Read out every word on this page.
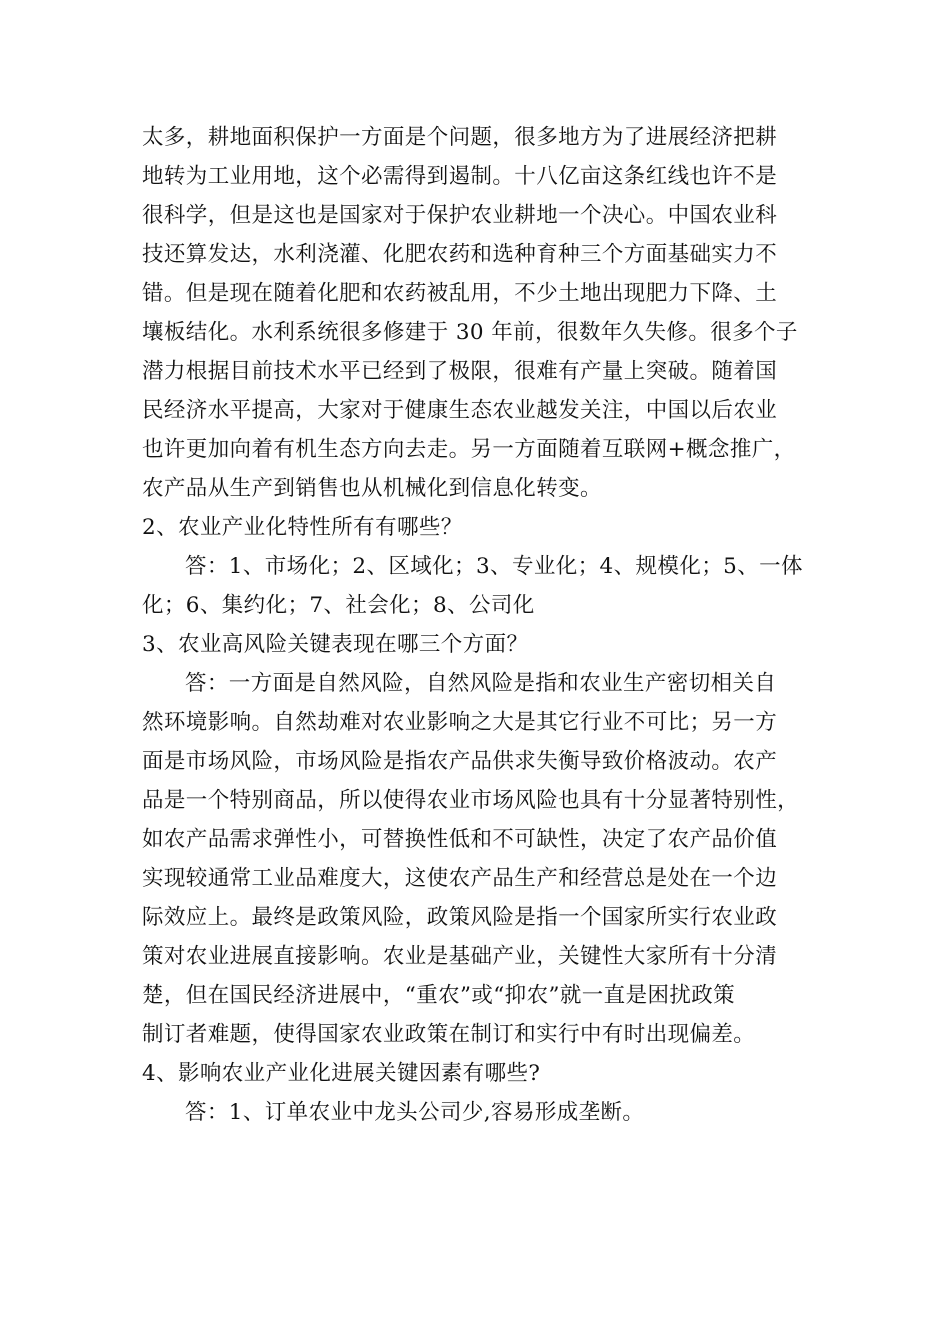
太多，耕地面积保护一方面是个问题，很多地方为了进展经济把耕
地转为工业用地，这个必需得到遏制。十八亿亩这条红线也许不是
很科学，但是这也是国家对于保护农业耕地一个决心。中国农业科
技还算发达，水利浇灌、化肥农药和选种育种三个方面基础实力不
错。但是现在随着化肥和农药被乱用，不少土地出现肥力下降、土
壤板结化。水利系统很多修建于 30 年前，很数年久失修。很多个子
潜力根据目前技术水平已经到了极限，很难有产量上突破。随着国
民经济水平提高，大家对于健康生态农业越发关注，中国以后农业
也许更加向着有机生态方向去走。另一方面随着互联网+概念推广，
农产品从生产到销售也从机械化到信息化转变。
2、农业产业化特性所有有哪些？
答：1、市场化；2、区域化；3、专业化；4、规模化；5、一体
化；6、集约化；7、社会化；8、公司化
3、农业高风险关键表现在哪三个方面？
答：一方面是自然风险，自然风险是指和农业生产密切相关自
然环境影响。自然劫难对农业影响之大是其它行业不可比；另一方
面是市场风险，市场风险是指农产品供求失衡导致价格波动。农产
品是一个特别商品，所以使得农业市场风险也具有十分显著特别性，
如农产品需求弹性小，可替换性低和不可缺性，决定了农产品价值
实现较通常工业品难度大，这使农产品生产和经营总是处在一个边
际效应上。最终是政策风险，政策风险是指一个国家所实行农业政
策对农业进展直接影响。农业是基础产业，关键性大家所有十分清
楚，但在国民经济进展中，“重农”或“抑农”就一直是困扰政策
制订者难题，使得国家农业政策在制订和实行中有时出现偏差。
4、影响农业产业化进展关键因素有哪些?
答：1、订单农业中龙头公司少,容易形成垄断。
